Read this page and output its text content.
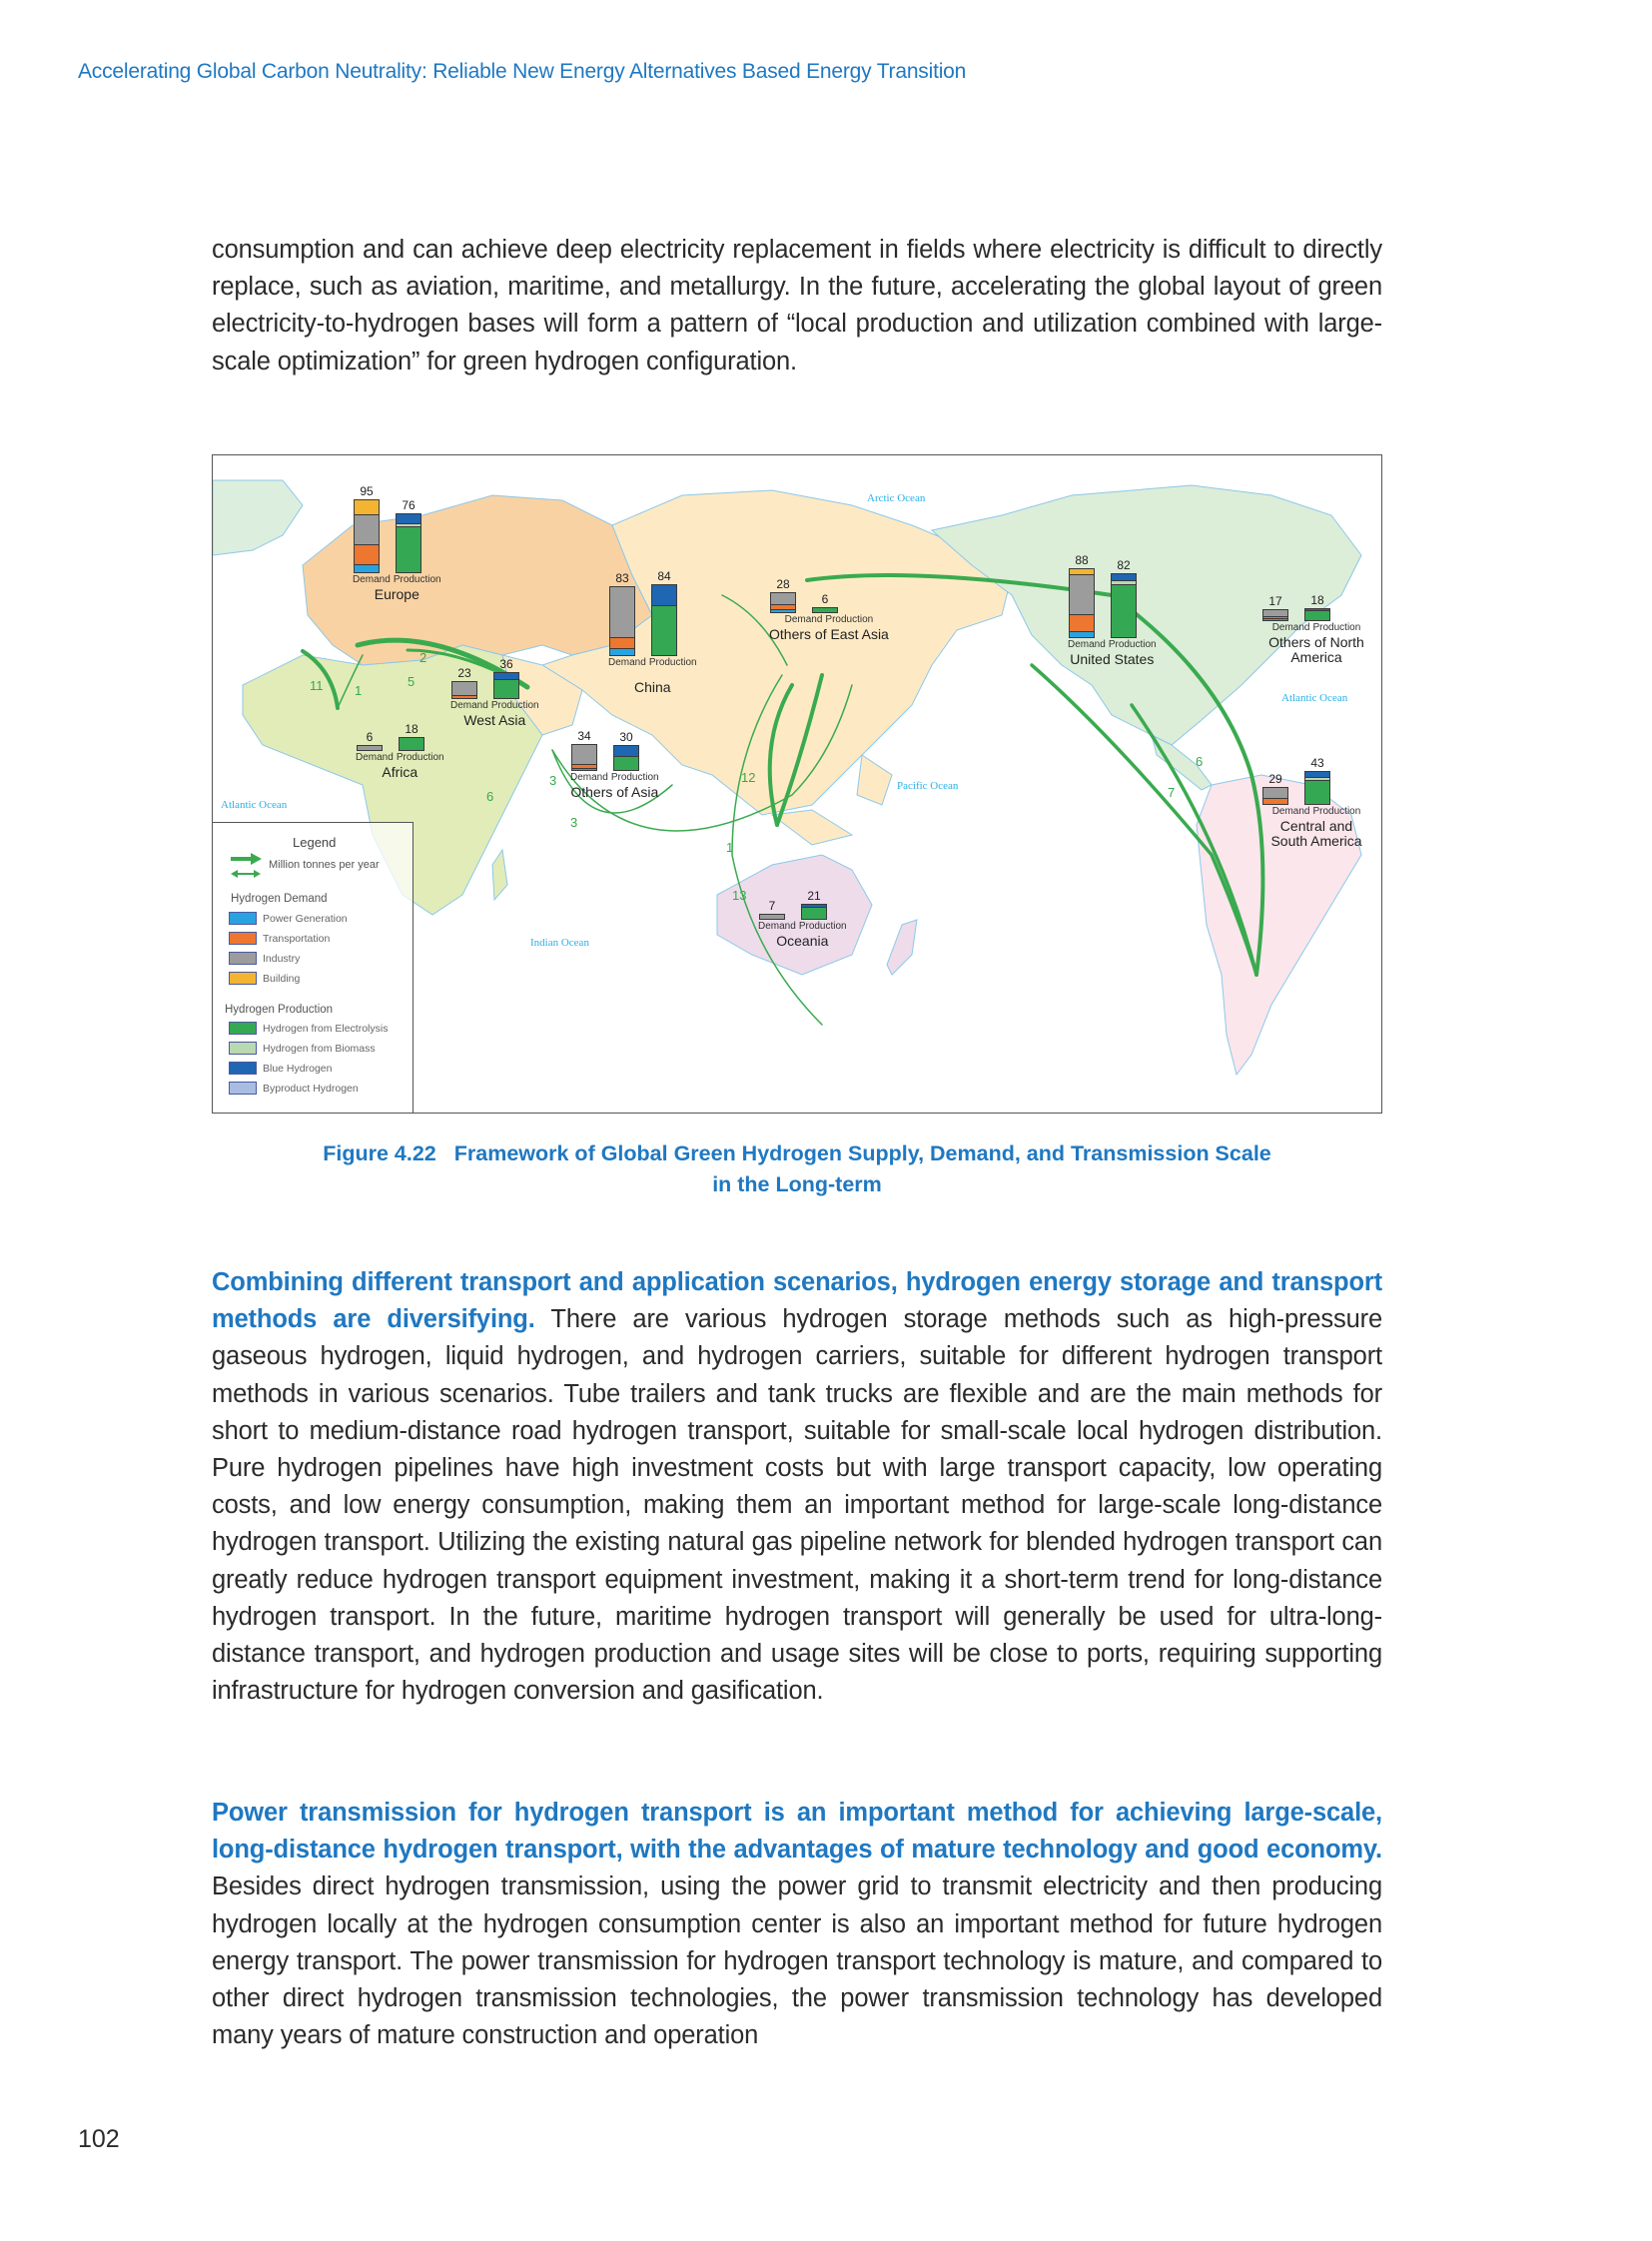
Accelerating Global Carbon Neutrality: Reliable New Energy Alternatives Based Energy Transition
consumption and can achieve deep electricity replacement in fields where electricity is difficult to directly replace, such as aviation, maritime, and metallurgy. In the future, accelerating the global layout of green electricity-to-hydrogen bases will form a pattern of “local production and utilization combined with large-scale optimization” for green hydrogen configuration.
Arctic Ocean
Atlantic Ocean
Atlantic Ocean
Pacific Ocean
Indian Ocean
2
5
11 1
6
3
3
12
13
1
6
7
95
76
Demand Production
Europe
23
36
Demand Production
West Asia
6
18
Demand Production
Africa
83 84
Demand Production
China
34 30
Demand Production
Others of Asia
28
6
Demand Production
Others of East Asia
88 82
Demand Production
United States
17 18
Demand Production
Others of North America
29
43
Demand Production
Central and South America
7
21
Demand Production
Oceania
Legend
Million tonnes per year
Hydrogen Demand
Power Generation
Transportation
Industry
Building
Hydrogen Production
Hydrogen from Electrolysis
Hydrogen from Biomass
Blue Hydrogen
Byproduct Hydrogen
Figure 4.22 Framework of Global Green Hydrogen Supply, Demand, and Transmission Scale
in the Long-term
Combining different transport and application scenarios, hydrogen energy storage and transport methods are diversifying. There are various hydrogen storage methods such as high-pressure gaseous hydrogen, liquid hydrogen, and hydrogen carriers, suitable for different hydrogen transport methods in various scenarios. Tube trailers and tank trucks are flexible and are the main methods for short to medium-distance road hydrogen transport, suitable for small-scale local hydrogen distribution. Pure hydrogen pipelines have high investment costs but with large transport capacity, low operating costs, and low energy consumption, making them an important method for large-scale long-distance hydrogen transport. Utilizing the existing natural gas pipeline network for blended hydrogen transport can greatly reduce hydrogen transport equipment investment, making it a short-term trend for long-distance hydrogen transport. In the future, maritime hydrogen transport will generally be used for ultra-long-distance transport, and hydrogen production and usage sites will be close to ports, requiring supporting infrastructure for hydrogen conversion and gasification.
Power transmission for hydrogen transport is an important method for achieving large-scale, long-distance hydrogen transport, with the advantages of mature technology and good economy. Besides direct hydrogen transmission, using the power grid to transmit electricity and then producing hydrogen locally at the hydrogen consumption center is also an important method for future hydrogen energy transport. The power transmission for hydrogen transport technology is mature, and compared to other direct hydrogen transmission technologies, the power transmission technology has developed many years of mature construction and operation
102
